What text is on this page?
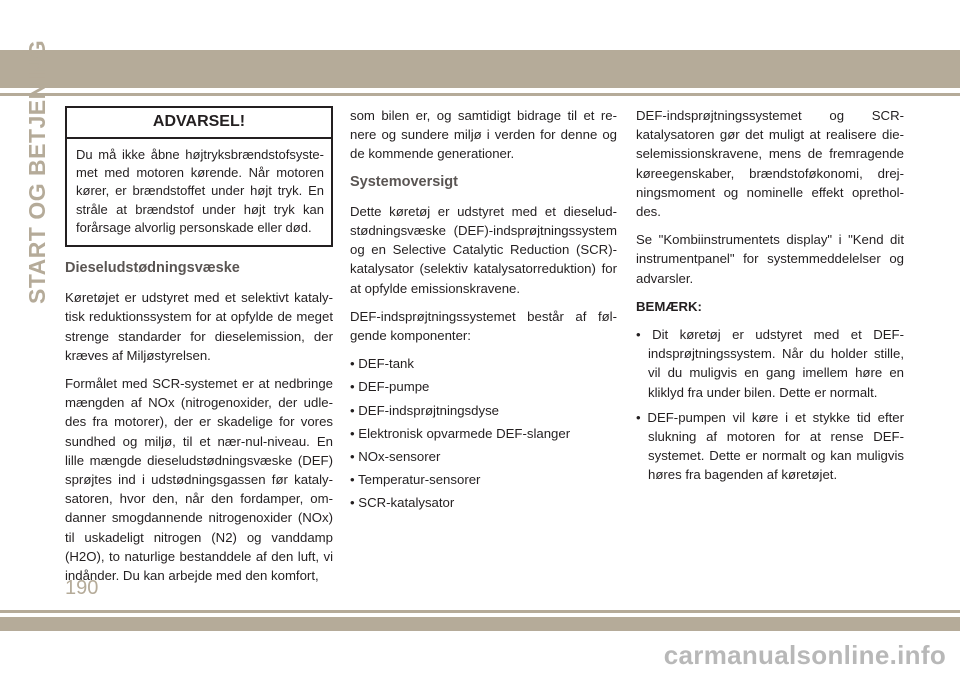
START OG BETJENING	ADVARSEL!
Du må ikke åbne højtryksbrændstofsyste-met med motoren kørende. Når motoren kører, er brændstoffet under højt tryk. En stråle at brændstof under højt tryk kan forårsage alvorlig personskade eller død.
Dieseludstødningsvæske

Køretøjet er udstyret med et selektivt kataly-tisk reduktionssystem for at opfylde de meget strenge standarder for dieselemission, der kræves af Miljøstyrelsen.

Formålet med SCR-systemet er at nedbringe mængden af NOx (nitrogenoxider, der udle-des fra motorer), der er skadelige for vores sundhed og miljø, til et nær-nul-niveau. En lille mængde dieseludstødningsvæske (DEF) sprøjtes ind i udstødningsgassen før kataly-satoren, hvor den, når den fordamper, om-danner smogdannende nitrogenoxider (NOx) til uskadeligt nitrogen (N2) og vanddamp (H2O), to naturlige bestanddele af den luft, vi indånder. Du kan arbejde med den komfort,

som bilen er, og samtidigt bidrage til et re-nere og sundere miljø i verden for denne og de kommende generationer.

Systemoversigt

Dette køretøj er udstyret med et dieselud-stødningsvæske (DEF)-indsprøjtningssystem og en Selective Catalytic Reduction (SCR)-katalysator (selektiv katalysatorreduktion) for at opfylde emissionskravene.

DEF-indsprøjtningssystemet består af føl-gende komponenter:

• DEF-tank
• DEF-pumpe
• DEF-indsprøjtningsdyse
• Elektronisk opvarmede DEF-slanger
• NOx-sensorer
• Temperatur-sensorer
• SCR-katalysator

DEF-indsprøjtningssystemet og SCR-katalysatoren gør det muligt at realisere die-selemissionskravene, mens de fremragende køreegenskaber, brændstoføkonomi, drej-ningsmoment og nominelle effekt oprethol-des.

Se "Kombiinstrumentets display" i "Kend dit instrumentpanel" for systemmeddelelser og advarsler.

BEMÆRK:

• Dit køretøj er udstyret med et DEF-indsprøjtningssystem. Når du holder stille, vil du muligvis en gang imellem høre en kliklyd fra under bilen. Dette er normalt.
• DEF-pumpen vil køre i et stykke tid efter slukning af motoren for at rense DEF-systemet. Dette er normalt og kan muligvis høres fra bagenden af køretøjet.
190
carmanualsonline.info
